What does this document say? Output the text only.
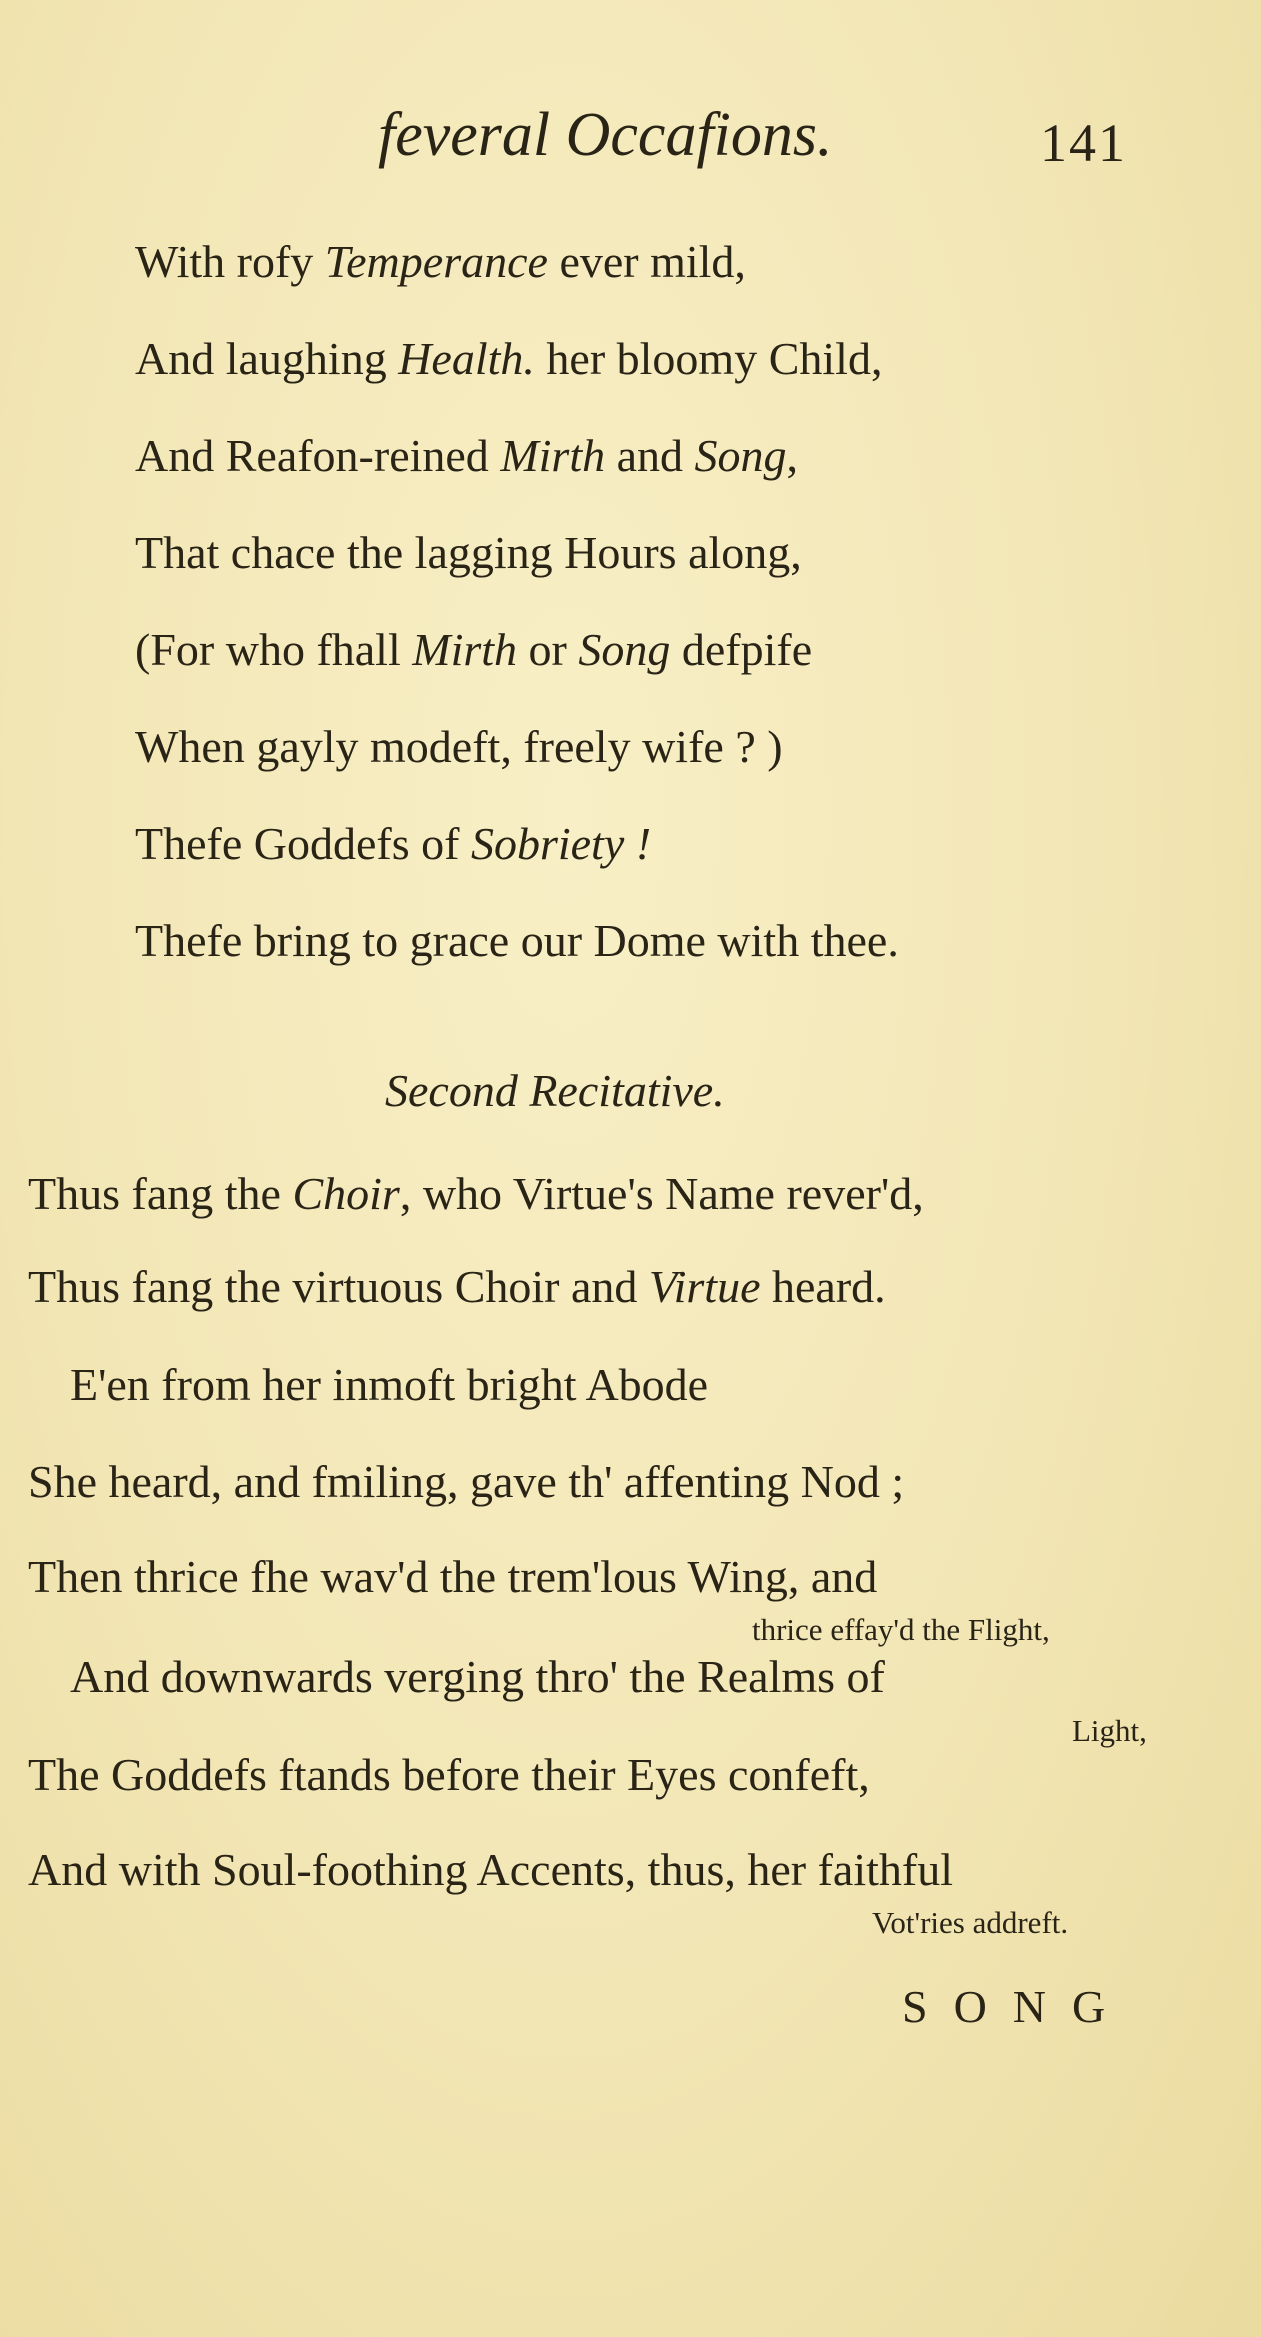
feveral Occafions.	141
With rofy Temperance ever mild,
And laughing Health. her bloomy Child,
And Reafon-reined Mirth and Song,
That chace the lagging Hours along,
(For who fhall Mirth or Song defpife
When gayly modeft, freely wife ? )
Thefe Goddefs of Sobriety !
Thefe bring to grace our Dome with thee.
Second Recitative.
Thus fang the Choir, who Virtue's Name rever'd,
Thus fang the virtuous Choir and Virtue heard.
E'en from her inmoft bright Abode
She heard, and fmiling, gave th' affenting Nod ;
Then thrice fhe wav'd the trem'lous Wing, and
thrice effay'd the Flight,
And downwards verging thro' the Realms of
Light,
The Goddefs ftands before their Eyes confeft,
And with Soul-foothing Accents, thus, her faithful
Vot'ries addreft.
SONG
